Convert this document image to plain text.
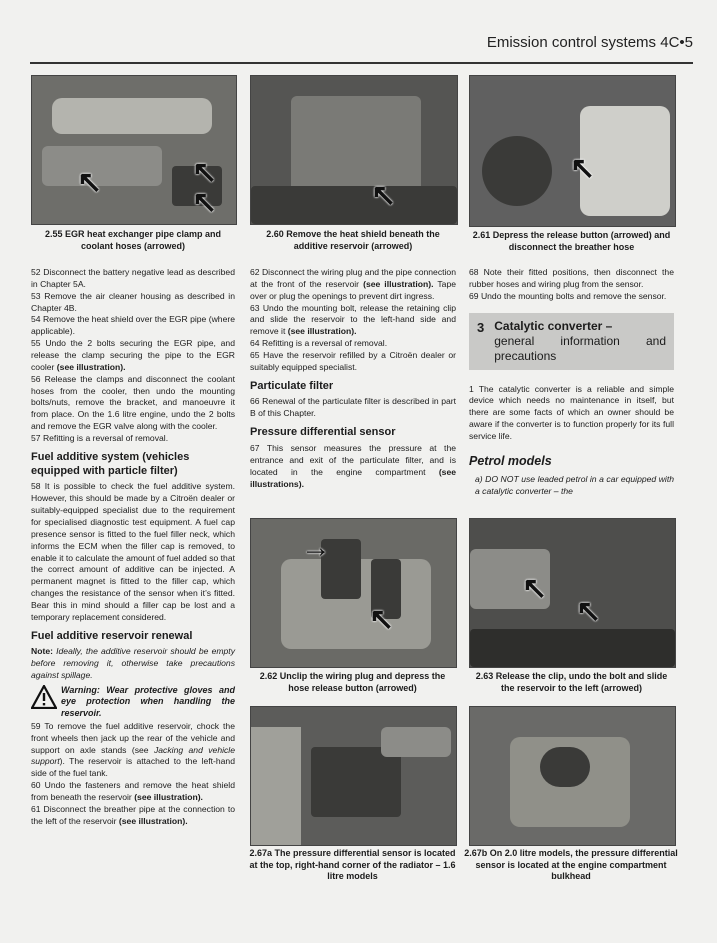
Emission control systems 4C•5
↖	↖
↖
2.55 EGR heat exchanger pipe clamp and coolant hoses (arrowed)
↖
2.60 Remove the heat shield beneath the additive reservoir (arrowed)
↖
2.61 Depress the release button (arrowed) and disconnect the breather hose

52 Disconnect the battery negative lead as described in Chapter 5A.

53 Remove the air cleaner housing as described in Chapter 4B.

54 Remove the heat shield over the EGR pipe (where applicable).

55 Undo the 2 bolts securing the EGR pipe, and release the clamp securing the pipe to the EGR cooler (see illustration).

56 Release the clamps and disconnect the coolant hoses from the cooler, then undo the mounting bolts/nuts, remove the bracket, and manoeuvre it from place. On the 1.6 litre engine, undo the 2 bolts and remove the EGR valve along with the cooler.

57 Refitting is a reversal of removal.

Fuel additive system (vehicles equipped with particle filter)

58 It is possible to check the fuel additive system. However, this should be made by a Citroën dealer or suitably-equipped specialist due to the requirement for specialised diagnostic test equipment. A fuel cap presence sensor is fitted to the fuel filler neck, which informs the ECM when the filler cap is removed, to enable it to calculate the amount of fuel added so that the correct amount of additive can be injected. A permanent magnet is fitted to the filler cap, which changes the resistance of the sensor when it’s fitted. Bear this in mind should a filler cap be lost and a temporary replacement considered.

Fuel additive reservoir renewal

Note: Ideally, the additive reservoir should be empty before removing it, otherwise take precautions against spillage.

Warning: Wear protective gloves and eye protection when handling the reservoir.

59 To remove the fuel additive reservoir, chock the front wheels then jack up the rear of the vehicle and support on axle stands (see Jacking and vehicle support). The reservoir is attached to the left-hand side of the fuel tank.

60 Undo the fasteners and remove the heat shield from beneath the reservoir (see illustration).

61 Disconnect the breather pipe at the connection to the left of the reservoir (see illustration).

62 Disconnect the wiring plug and the pipe connection at the front of the reservoir (see illustration). Tape over or plug the openings to prevent dirt ingress.

63 Undo the mounting bolt, release the retaining clip and slide the reservoir to the left-hand side and remove it (see illustration).

64 Refitting is a reversal of removal.

65 Have the reservoir refilled by a Citroën dealer or suitably equipped specialist.

Particulate filter

66 Renewal of the particulate filter is described in part B of this Chapter.

Pressure differential sensor

67 This sensor measures the pressure at the entrance and exit of the particulate filter, and is located in the engine compartment (see illustrations).

68 Note their fitted positions, then disconnect the rubber hoses and wiring plug from the sensor.

69 Undo the mounting bolts and remove the sensor.

3 Catalytic converter –
general information and precautions

1 The catalytic converter is a reliable and simple device which needs no maintenance in itself, but there are some facts of which an owner should be aware if the converter is to function properly for its full service life.

Petrol models

a) DO NOT use leaded petrol in a car equipped with a catalytic converter – the

→
↖
2.62 Unclip the wiring plug and depress the hose release button (arrowed)
↖
↖
2.63 Release the clip, undo the bolt and slide the reservoir to the left (arrowed)
2.67a The pressure differential sensor is located at the top, right-hand corner of the radiator – 1.6 litre models
2.67b On 2.0 litre models, the pressure differential sensor is located at the engine compartment bulkhead
